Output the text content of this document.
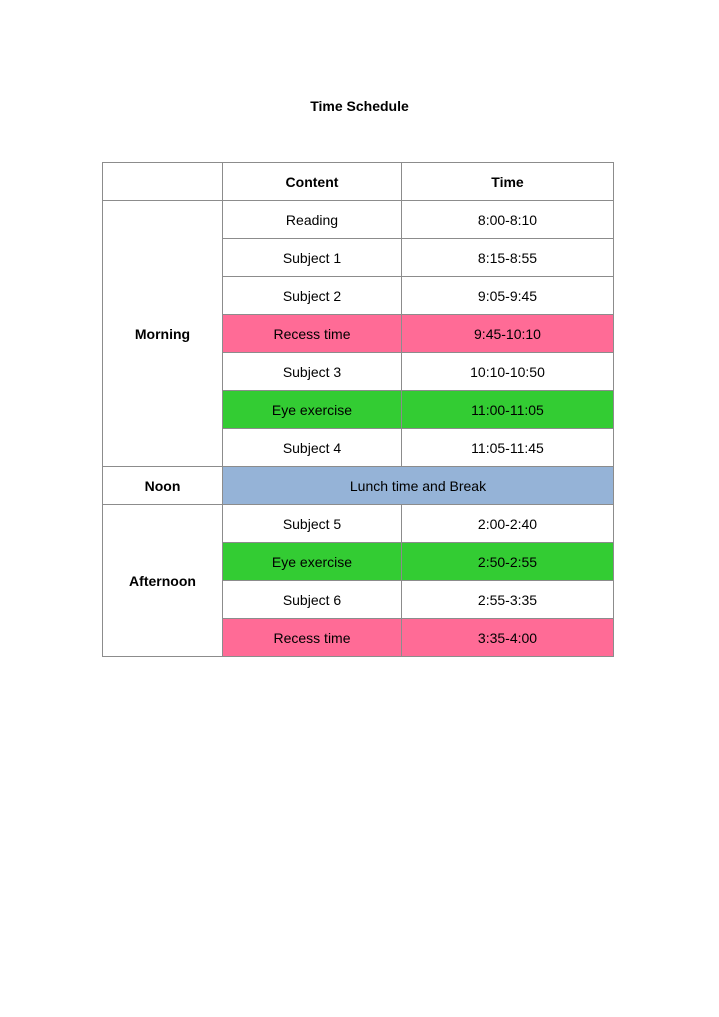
Time Schedule
	Content	Time
Morning	Reading	8:00-8:10
	Subject 1	8:15-8:55
	Subject 2	9:05-9:45
	Recess time	9:45-10:10
	Subject 3	10:10-10:50
	Eye exercise	11:00-11:05
	Subject 4	11:05-11:45
Noon	Lunch time and Break	
Afternoon	Subject 5	2:00-2:40
	Eye exercise	2:50-2:55
	Subject 6	2:55-3:35
	Recess time	3:35-4:00
